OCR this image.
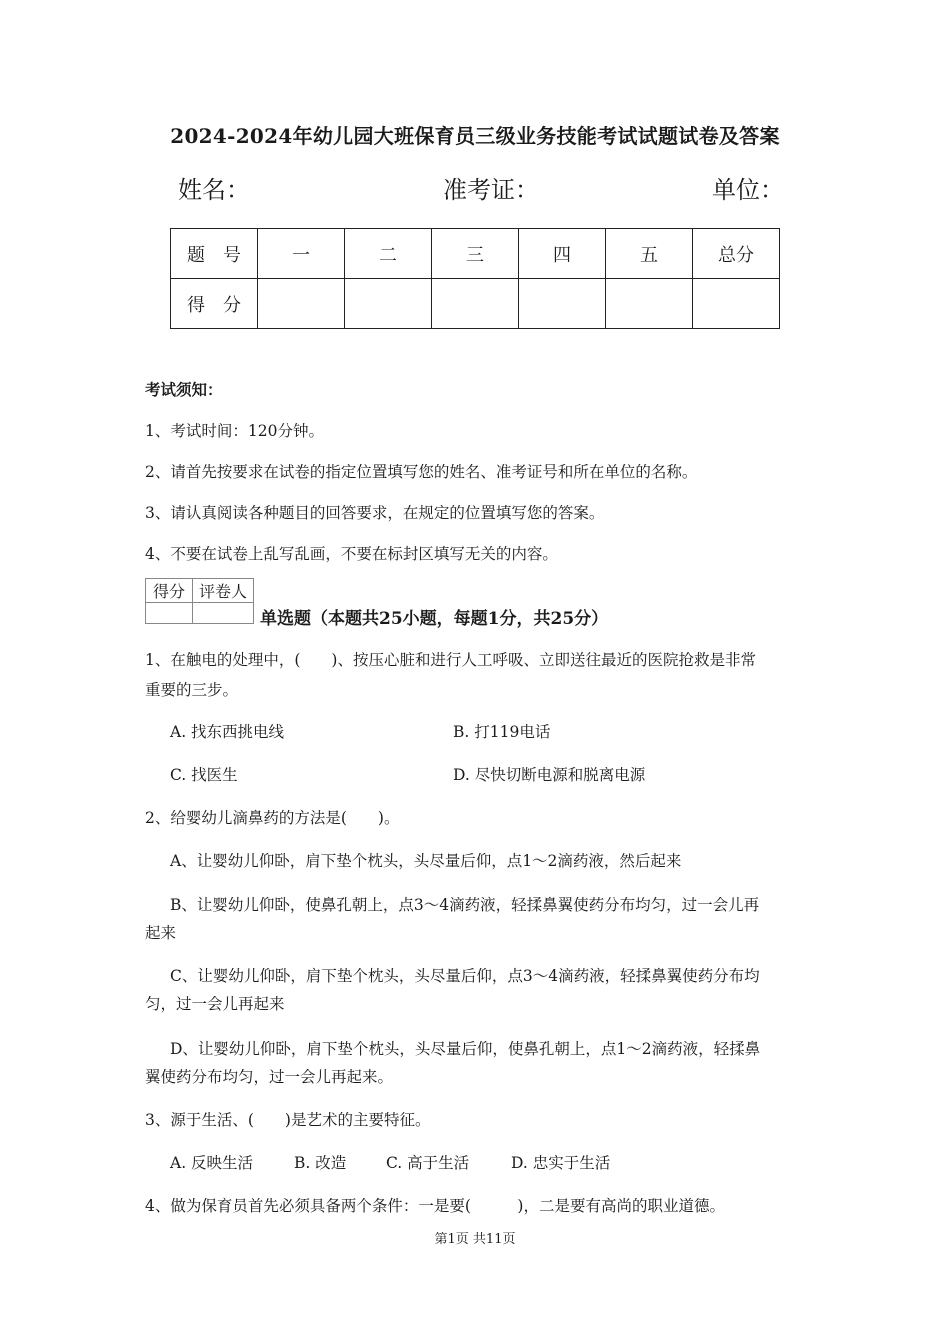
2024-2024年幼儿园大班保育员三级业务技能考试试题试卷及答案
姓名：	准考证：	单位：
题　号	一	二	三	四	五	总分
得　分						
考试须知：
1、考试时间：120分钟。
2、请首先按要求在试卷的指定位置填写您的姓名、准考证号和所在单位的名称。
3、请认真阅读各种题目的回答要求，在规定的位置填写您的答案。
4、不要在试卷上乱写乱画，不要在标封区填写无关的内容。
得分	评卷人

单选题（本题共25小题，每题1分，共25分）
1、在触电的处理中，(　　)、按压心脏和进行人工呼吸、立即送往最近的医院抢救是非常
重要的三步。
A. 找东西挑电线	B. 打119电话
C. 找医生	D. 尽快切断电源和脱离电源
2、给婴幼儿滴鼻药的方法是(　　)。
A、让婴幼儿仰卧，肩下垫个枕头，头尽量后仰，点1～2滴药液，然后起来
B、让婴幼儿仰卧，使鼻孔朝上，点3～4滴药液，轻揉鼻翼使药分布均匀，过一会儿再
起来
C、让婴幼儿仰卧，肩下垫个枕头，头尽量后仰，点3～4滴药液，轻揉鼻翼使药分布均
匀，过一会儿再起来
D、让婴幼儿仰卧，肩下垫个枕头，头尽量后仰，使鼻孔朝上，点1～2滴药液，轻揉鼻
翼使药分布均匀，过一会儿再起来。
3、源于生活、(　　)是艺术的主要特征。
A. 反映生活	B. 改造	C. 高于生活	D. 忠实于生活
4、做为保育员首先必须具备两个条件：一是要(　　　)，二是要有高尚的职业道德。
第1页 共11页
